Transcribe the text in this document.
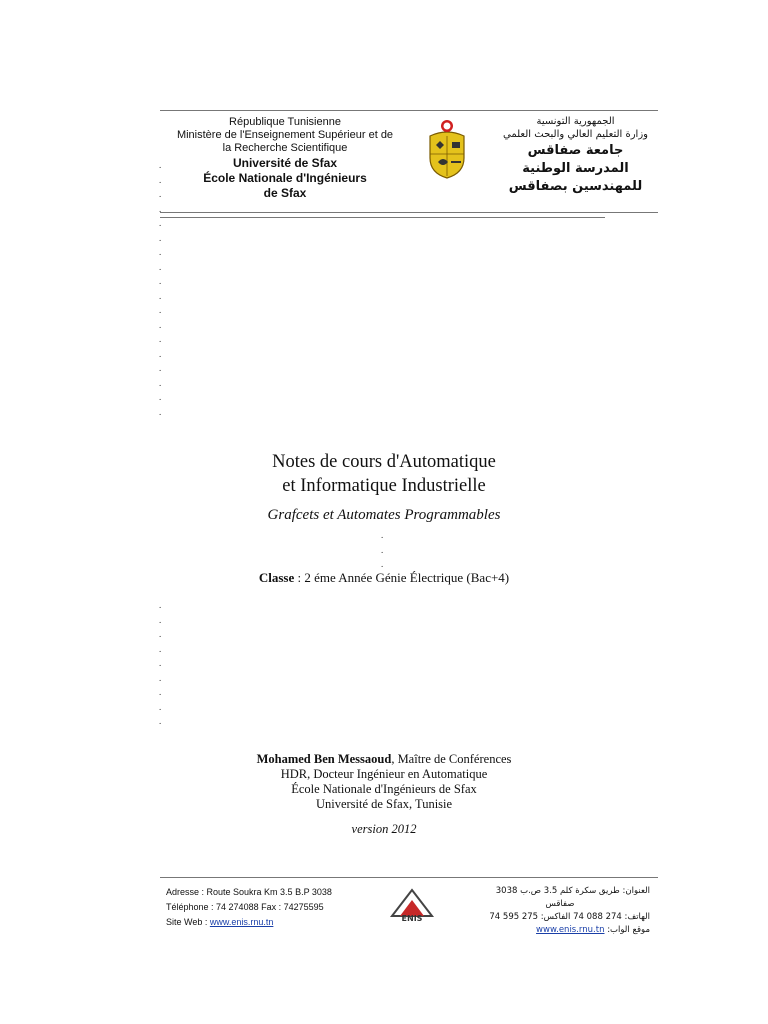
République Tunisienne
Ministère de l'Enseignement Supérieur et de
la Recherche Scientifique
Université de Sfax
École Nationale d'Ingénieurs
de Sfax
الجمهورية التونسية
وزارة التعليم العالي والبحث العلمي
جامعة صفاقس
المدرسة الوطنية
للمهندسين بصفاقس
.
.
.
.
.
.
.
.
.
.
.
.
.
.
.
.
.
.
.
.
.
.
.
.
.
.
.
.
.
.
Notes de cours d'Automatique
et Informatique Industrielle
Grafcets et Automates Programmables
Classe : 2 éme Année Génie Électrique (Bac+4)
Mohamed Ben Messaoud, Maître de Conférences
HDR, Docteur Ingénieur en Automatique
École Nationale d'Ingénieurs de Sfax
Université de Sfax, Tunisie
version 2012
Adresse : Route Soukra Km 3.5 B.P 3038
Téléphone : 74 274088 Fax : 74275595
Site Web : www.enis.rnu.tn	ENIS
العنوان: طريق سكرة كلم 3.5 ص.ب 3038
صفاقس
الهاتف: 274 088 74 الفاكس: 275 595 74
موقع الواب: www.enis.rnu.tn
